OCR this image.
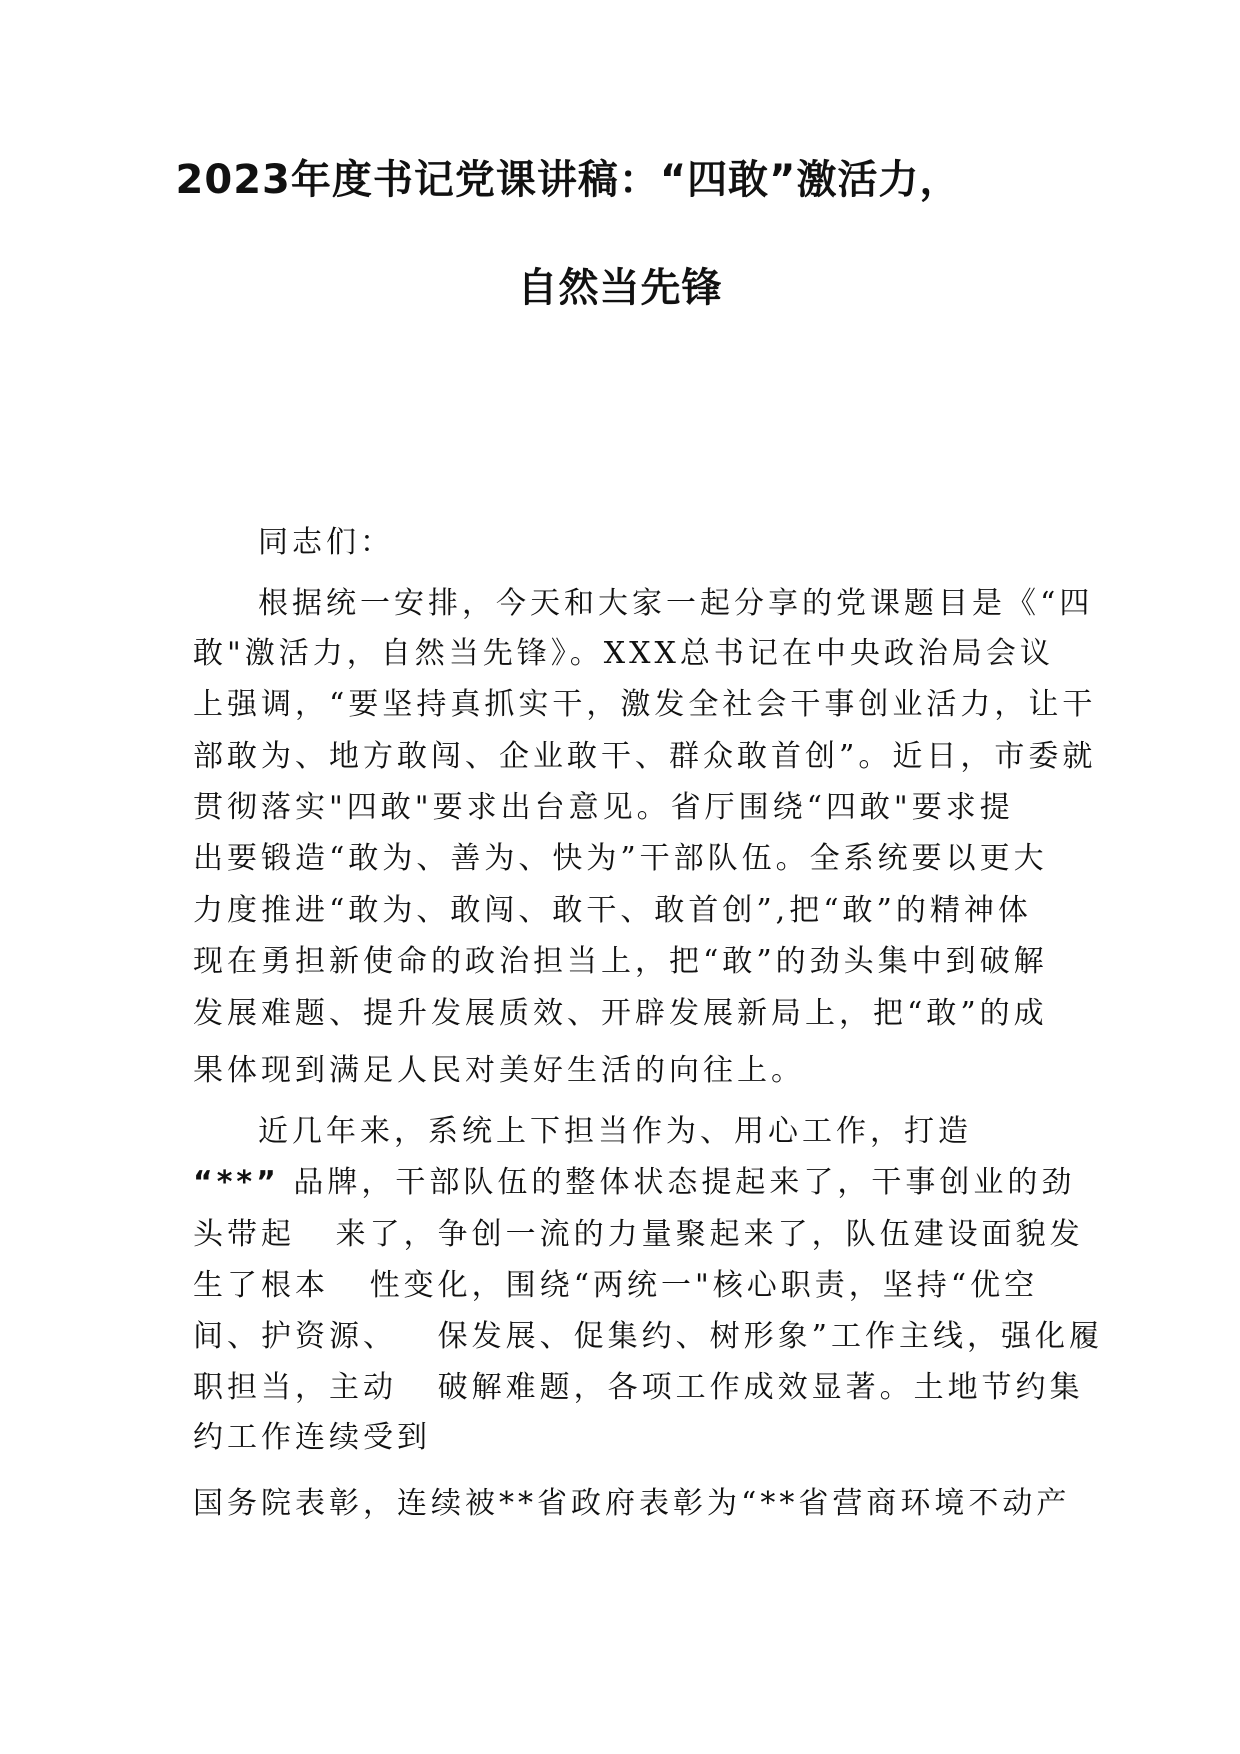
2023年度书记党课讲稿：“四敢”激活力，
自然当先锋
同志们：
根据统一安排，今天和大家一起分享的党课题目是《“四
敢"激活力，自然当先锋》。XXX总书记在中央政治局会议
上强调，“要坚持真抓实干，激发全社会干事创业活力，让干
部敢为、地方敢闯、企业敢干、群众敢首创”。近日，市委就
贯彻落实"四敢"要求出台意见。省厅围绕“四敢"要求提
出要锻造“敢为、善为、快为”干部队伍。全系统要以更大
力度推进“敢为、敢闯、敢干、敢首创”,把“敢”的精神体
现在勇担新使命的政治担当上，把“敢”的劲头集中到破解
发展难题、提升发展质效、开辟发展新局上，把“敢”的成
果体现到满足人民对美好生活的向往上。
近几年来，系统上下担当作为、用心工作，打造
“**” 品牌，干部队伍的整体状态提起来了，干事创业的劲
头带起   来了，争创一流的力量聚起来了，队伍建设面貌发
生了根本   性变化，围绕“两统一"核心职责，坚持“优空
间、护资源、   保发展、促集约、树形象”工作主线，强化履
职担当，主动   破解难题，各项工作成效显著。土地节约集
约工作连续受到
国务院表彰，连续被**省政府表彰为“**省营商环境不动产
